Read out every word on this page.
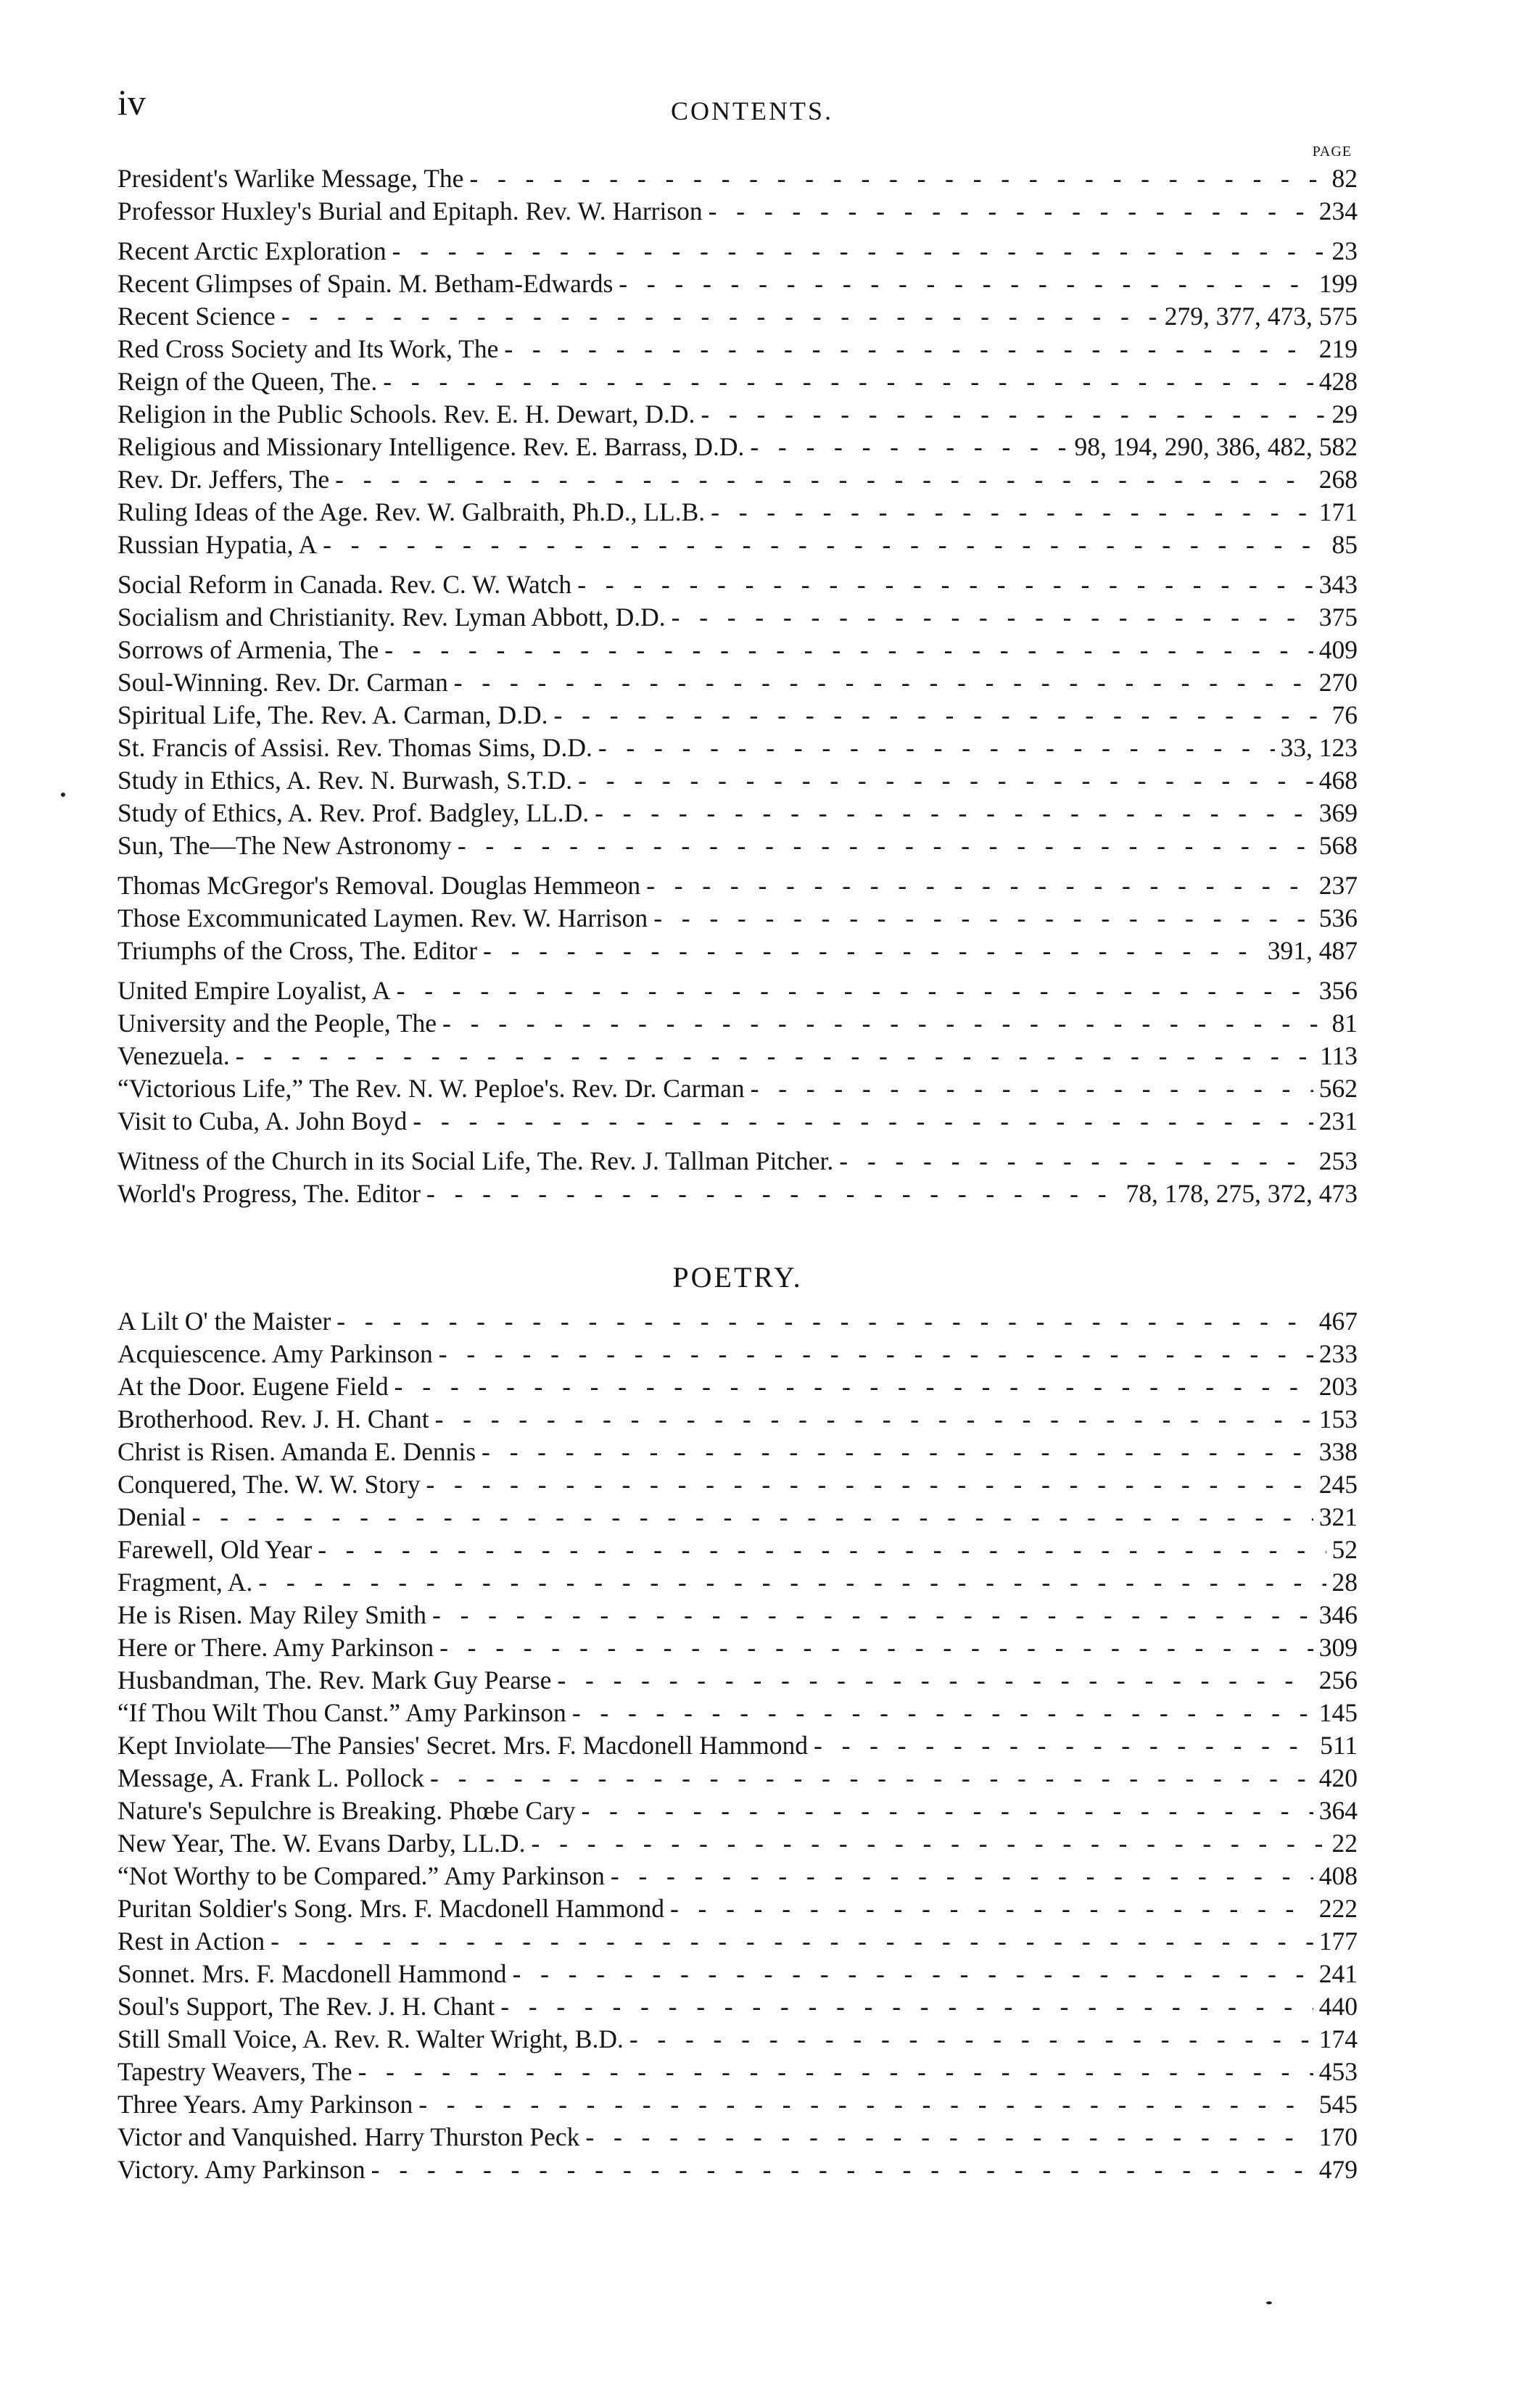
iv	CONTENTS.
PAGE
President's Warlike Message, The - -	82
Professor Huxley's Burial and Epitaph. Rev. W. Harrison - -	234
Recent Arctic Exploration - -	23
Recent Glimpses of Spain. M. Betham-Edwards - -	199
Recent Science - -	279, 377, 473, 575
Red Cross Society and Its Work, The - -	219
Reign of the Queen, The. - -	428
Religion in the Public Schools. Rev. E. H. Dewart, D.D. - -	29
Religious and Missionary Intelligence. Rev. E. Barrass, D.D. - -	98, 194, 290, 386, 482, 582
Rev. Dr. Jeffers, The - -	268
Ruling Ideas of the Age. Rev. W. Galbraith, Ph.D., LL.B. - -	171
Russian Hypatia, A - -	85
Social Reform in Canada. Rev. C. W. Watch - -	343
Socialism and Christianity. Rev. Lyman Abbott, D.D. - -	375
Sorrows of Armenia, The - -	409
Soul-Winning. Rev. Dr. Carman - -	270
Spiritual Life, The. Rev. A. Carman, D.D. - -	76
St. Francis of Assisi. Rev. Thomas Sims, D.D. - -	33, 123
Study in Ethics, A. Rev. N. Burwash, S.T.D. - -	468
Study of Ethics, A. Rev. Prof. Badgley, LL.D. - -	369
Sun, The—The New Astronomy - -	568
Thomas McGregor's Removal. Douglas Hemmeon - -	237
Those Excommunicated Laymen. Rev. W. Harrison - -	536
Triumphs of the Cross, The. Editor - -	391, 487
United Empire Loyalist, A - -	356
University and the People, The - -	81
Venezuela. - -	113
“Victorious Life,” The Rev. N. W. Peploe's. Rev. Dr. Carman - -	562
Visit to Cuba, A. John Boyd - -	231
Witness of the Church in its Social Life, The. Rev. J. Tallman Pitcher. - -	253
World's Progress, The. Editor - -	78, 178, 275, 372, 473
POETRY.
A Lilt O' the Maister - -	467
Acquiescence. Amy Parkinson - -	233
At the Door. Eugene Field - -	203
Brotherhood. Rev. J. H. Chant - -	153
Christ is Risen. Amanda E. Dennis - -	338
Conquered, The. W. W. Story - -	245
Denial - -	321
Farewell, Old Year - -	52
Fragment, A. - -	28
He is Risen. May Riley Smith - -	346
Here or There. Amy Parkinson - -	309
Husbandman, The. Rev. Mark Guy Pearse - -	256
“If Thou Wilt Thou Canst.” Amy Parkinson - -	145
Kept Inviolate—The Pansies' Secret. Mrs. F. Macdonell Hammond - -	511
Message, A. Frank L. Pollock - -	420
Nature's Sepulchre is Breaking. Phœbe Cary - -	364
New Year, The. W. Evans Darby, LL.D. - -	22
“Not Worthy to be Compared.” Amy Parkinson - -	408
Puritan Soldier's Song. Mrs. F. Macdonell Hammond - -	222
Rest in Action - -	177
Sonnet. Mrs. F. Macdonell Hammond - -	241
Soul's Support, The Rev. J. H. Chant - -	440
Still Small Voice, A. Rev. R. Walter Wright, B.D. - -	174
Tapestry Weavers, The - -	453
Three Years. Amy Parkinson - -	545
Victor and Vanquished. Harry Thurston Peck - -	170
Victory. Amy Parkinson - -	479
